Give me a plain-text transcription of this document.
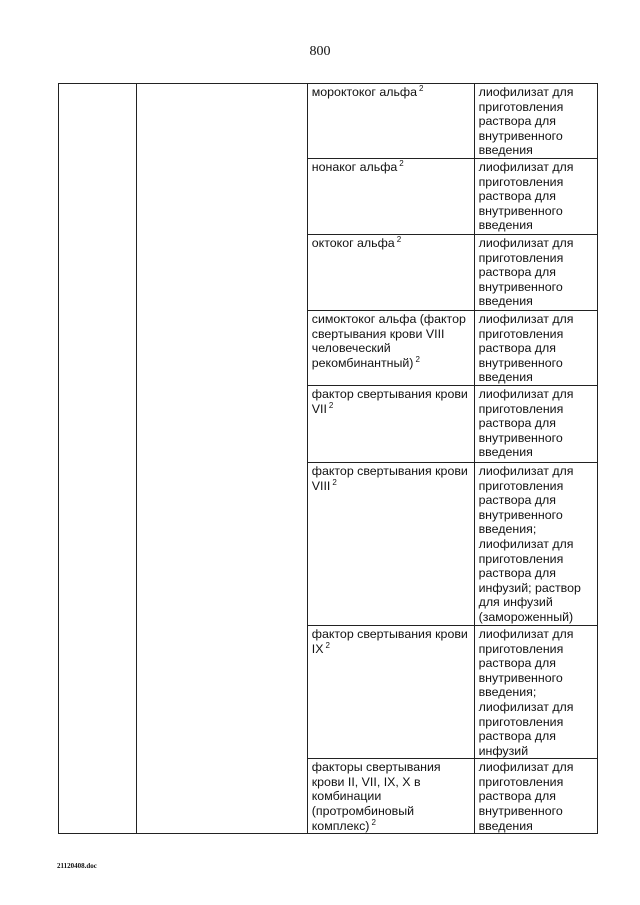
800
		мороктоког альфа $^2$	лиофилизат для приготовления раствора для внутривенного введения
		нонаког альфа $^2$	лиофилизат для приготовления раствора для внутривенного введения
		октоког альфа $^2$	лиофилизат для приготовления раствора для внутривенного введения
		симоктоког альфа (фактор свертывания крови VIII человеческий рекомбинантный) $^2$	лиофилизат для приготовления раствора для внутривенного введения
		фактор свертывания крови VII $^2$	лиофилизат для приготовления раствора для внутривенного введения
		фактор свертывания крови VIII $^2$	лиофилизат для приготовления раствора для внутривенного введения; лиофилизат для приготовления раствора для инфузий; раствор для инфузий (замороженный)
		фактор свертывания крови IX $^2$	лиофилизат для приготовления раствора для внутривенного введения; лиофилизат для приготовления раствора для инфузий
		факторы свертывания крови II, VII, IX, X в комбинации (протромбиновый комплекс) $^2$	лиофилизат для приготовления раствора для внутривенного введения
21120408.doc
